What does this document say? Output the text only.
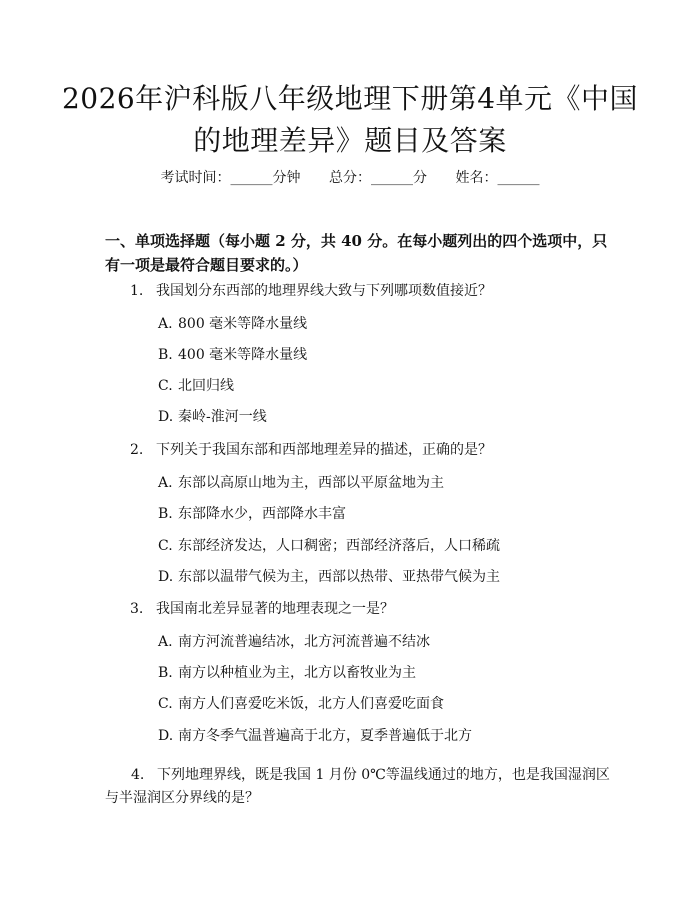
2026年沪科版八年级地理下册第4单元《中国的地理差异》题目及答案
考试时间：______分钟 总分：______分 姓名：______
一、单项选择题（每小题 2 分，共 40 分。在每小题列出的四个选项中，只有一项是最符合题目要求的。）
1. 我国划分东西部的地理界线大致与下列哪项数值接近？
A. 800 毫米等降水量线
B. 400 毫米等降水量线
C. 北回归线
D. 秦岭-淮河一线
2. 下列关于我国东部和西部地理差异的描述，正确的是？
A. 东部以高原山地为主，西部以平原盆地为主
B. 东部降水少，西部降水丰富
C. 东部经济发达，人口稠密；西部经济落后，人口稀疏
D. 东部以温带气候为主，西部以热带、亚热带气候为主
3. 我国南北差异显著的地理表现之一是？
A. 南方河流普遍结冰，北方河流普遍不结冰
B. 南方以种植业为主，北方以畜牧业为主
C. 南方人们喜爱吃米饭，北方人们喜爱吃面食
D. 南方冬季气温普遍高于北方，夏季普遍低于北方
4. 下列地理界线，既是我国 1 月份 0℃等温线通过的地方，也是我国湿润区与半湿润区分界线的是？
